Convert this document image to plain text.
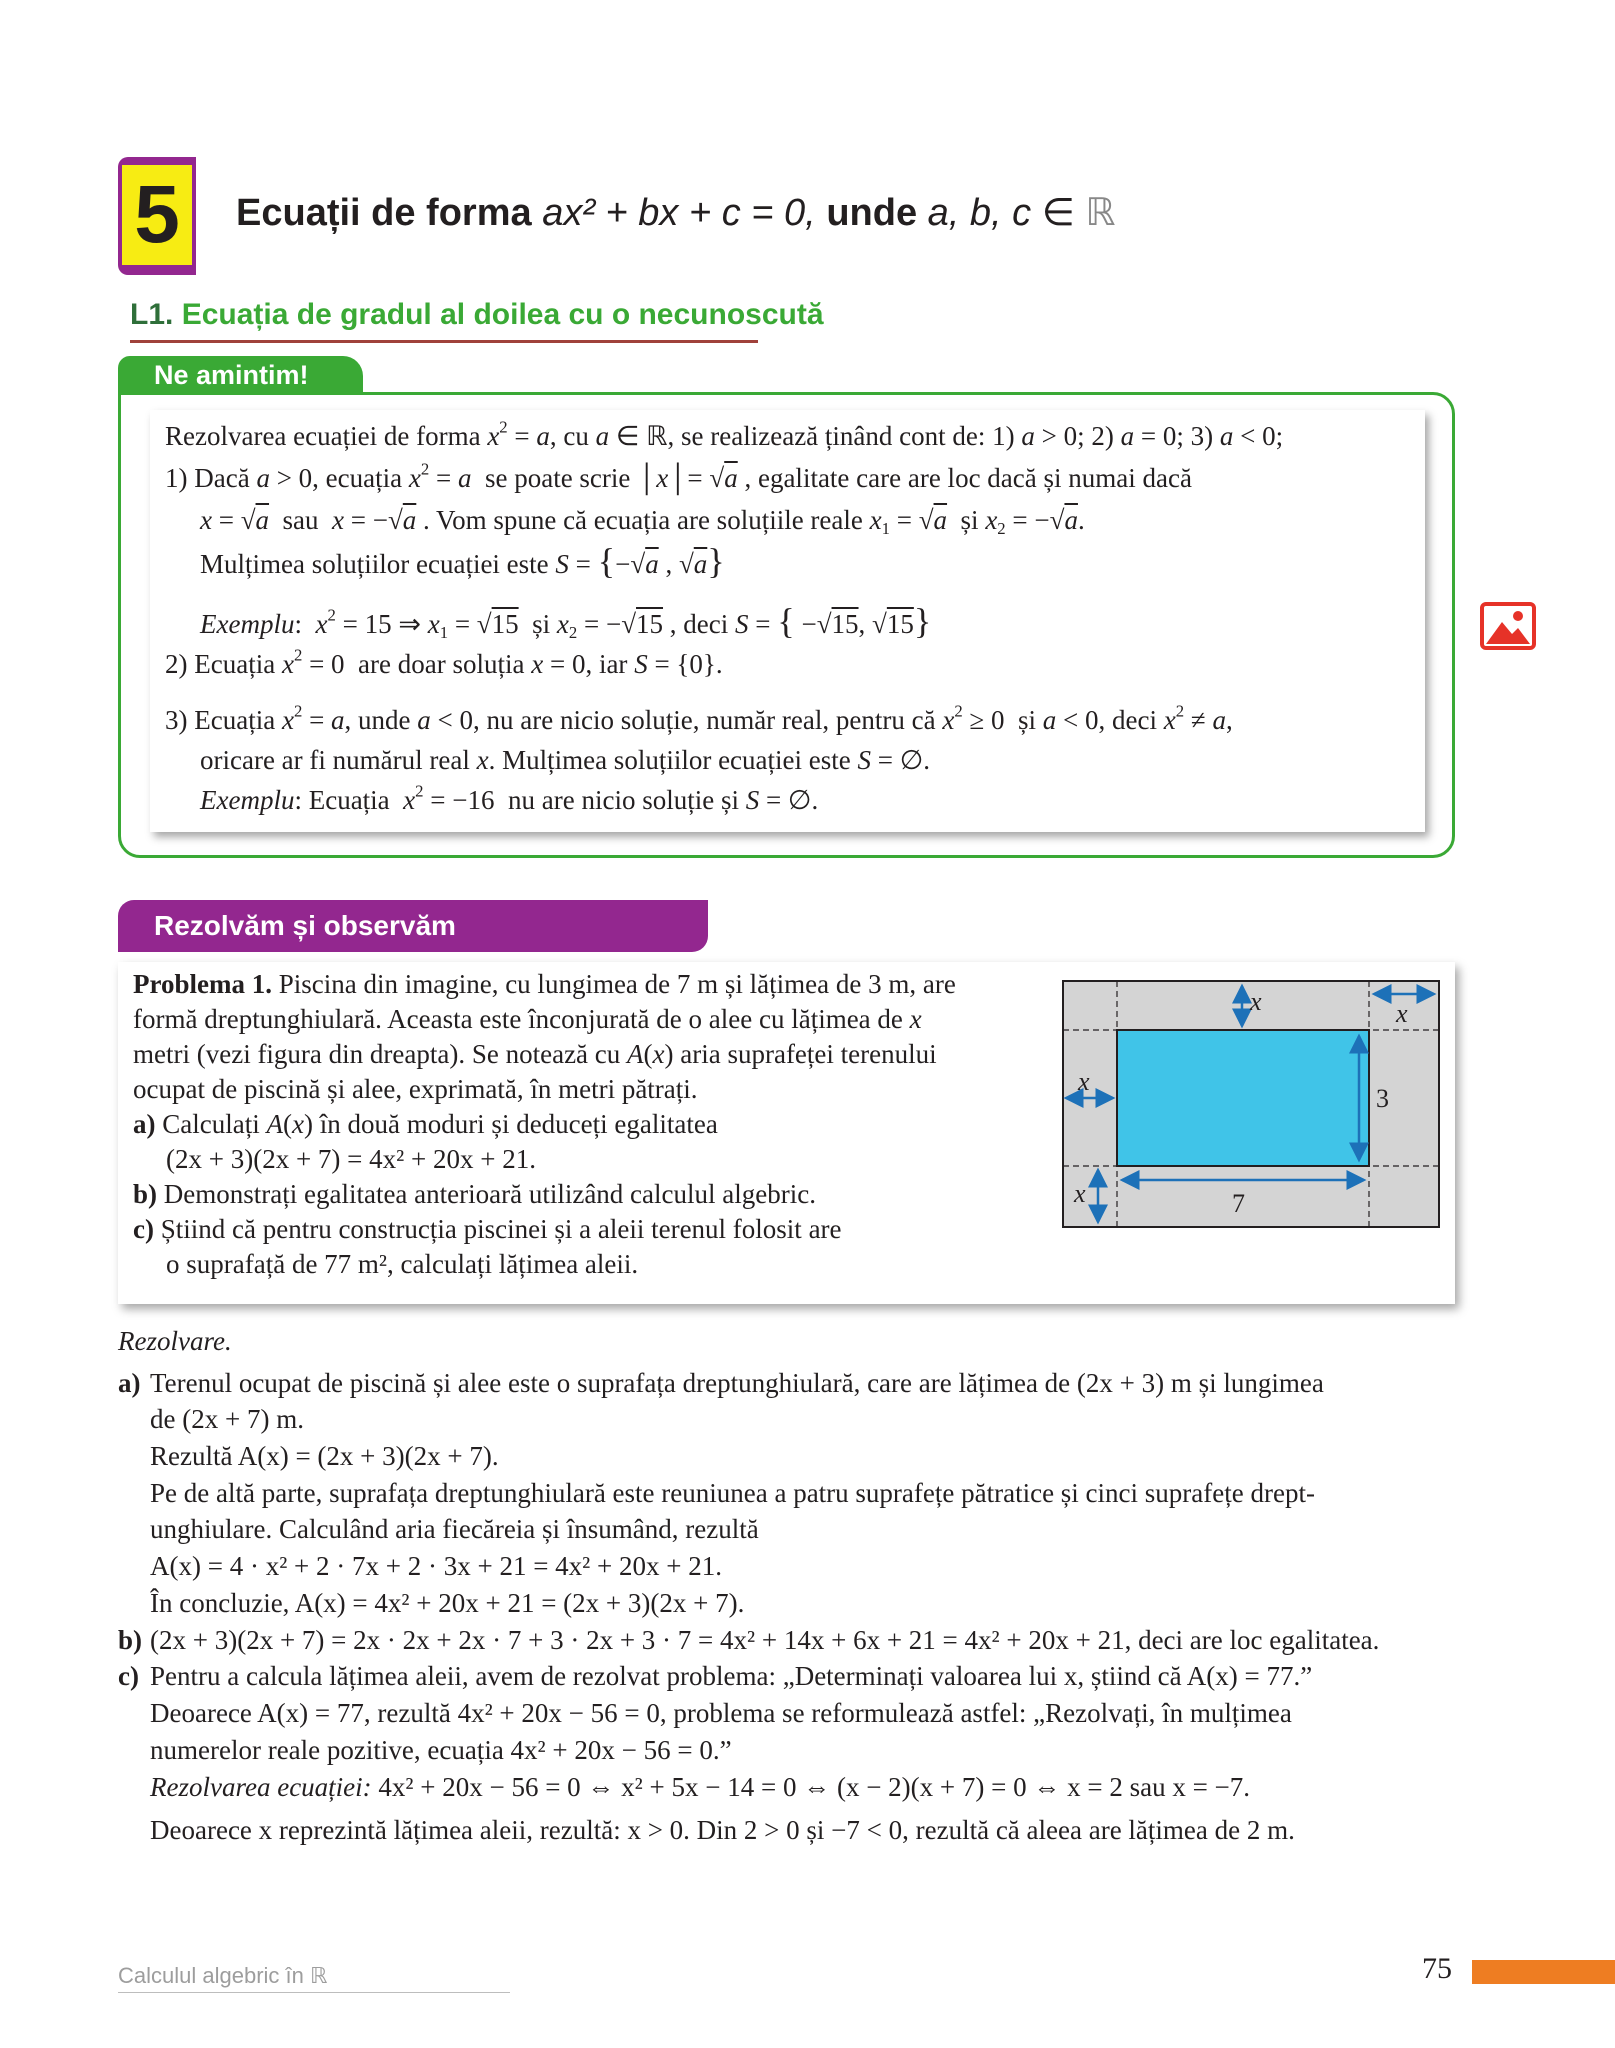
5	Ecuații de forma ax² + bx + c = 0, unde a, b, c ∈ ℝ
L1. Ecuația de gradul al doilea cu o necunoscută
Ne amintim!
Rezolvarea ecuației de forma $x^2 = a$, cu a ∈ ℝ, se realizează ținând cont de: 1) a > 0; 2) a = 0; 3) a < 0;
1) Dacă a > 0, ecuația $x^2 = a$ se poate scrie │x│= √a , egalitate care are loc dacă și numai dacă
x = √a sau x = −√a . Vom spune că ecuația are soluțiile reale $x_1 = √a$ și $x_2 = -√a$.
Mulțimea soluțiilor ecuației este S = {−√a , √a}
Exemplu:  $x^2 = 15$ ⇒ $x_1 = √15$ și $x_2 = -√15$ , deci S = { −√15, √15}
2) Ecuația $x^2 = 0$  are doar soluția x = 0, iar S = {0}.
3) Ecuația $x^2 = a$, unde a < 0, nu are nicio soluție, număr real, pentru că $x^2 \ge 0$  și a < 0, deci $x^2 \ne a$,
oricare ar fi numărul real x. Mulțimea soluțiilor ecuației este S = ∅.
Exemplu: Ecuația $x^2 = -16$  nu are nicio soluție și S = ∅.
Rezolvăm și observăm
Problema 1. Piscina din imagine, cu lungimea de 7 m și lățimea de 3 m, are
formă dreptunghiulară. Aceasta este înconjurată de o alee cu lățimea de x
metri (vezi figura din dreapta). Se notează cu A(x) aria suprafeței terenului
ocupat de piscină și alee, exprimată, în metri pătrați.
a) Calculați A(x) în două moduri și deduceți egalitatea
(2x + 3)(2x + 7) = 4x² + 20x + 21.
b) Demonstrați egalitatea anterioară utilizând calculul algebric.
c) Știind că pentru construcția piscinei și a aleii terenul folosit are
o suprafață de 77 m², calculați lățimea aleii.
x	x
x
x
3
7
Rezolvare.
a) Terenul ocupat de piscină și alee este o suprafața dreptunghiulară, care are lățimea de (2x + 3) m și lungimea
de (2x + 7) m.
Rezultă A(x) = (2x + 3)(2x + 7).
Pe de altă parte, suprafața dreptunghiulară este reuniunea a patru suprafețe pătratice și cinci suprafețe drept-
unghiulare. Calculând aria fiecăreia și însumând, rezultă
A(x) = 4 · x² + 2 · 7x + 2 · 3x + 21 = 4x² + 20x + 21.
În concluzie, A(x) = 4x² + 20x + 21 = (2x + 3)(2x + 7).
b) (2x + 3)(2x + 7) = 2x · 2x + 2x · 7 + 3 · 2x + 3 · 7 = 4x² + 14x + 6x + 21 = 4x² + 20x + 21, deci are loc egalitatea.
c) Pentru a calcula lățimea aleii, avem de rezolvat problema: „Determinați valoarea lui x, știind că A(x) = 77.”
Deoarece A(x) = 77, rezultă 4x² + 20x − 56 = 0, problema se reformulează astfel: „Rezolvați, în mulțimea
numerelor reale pozitive, ecuația 4x² + 20x − 56 = 0.”
Rezolvarea ecuației: 4x² + 20x − 56 = 0 ⇔ x² + 5x − 14 = 0 ⇔ (x − 2)(x + 7) = 0 ⇔ x = 2 sau x = −7.
Deoarece x reprezintă lățimea aleii, rezultă: x > 0. Din 2 > 0 și −7 < 0, rezultă că aleea are lățimea de 2 m.
Calculul algebric în ℝ	75
